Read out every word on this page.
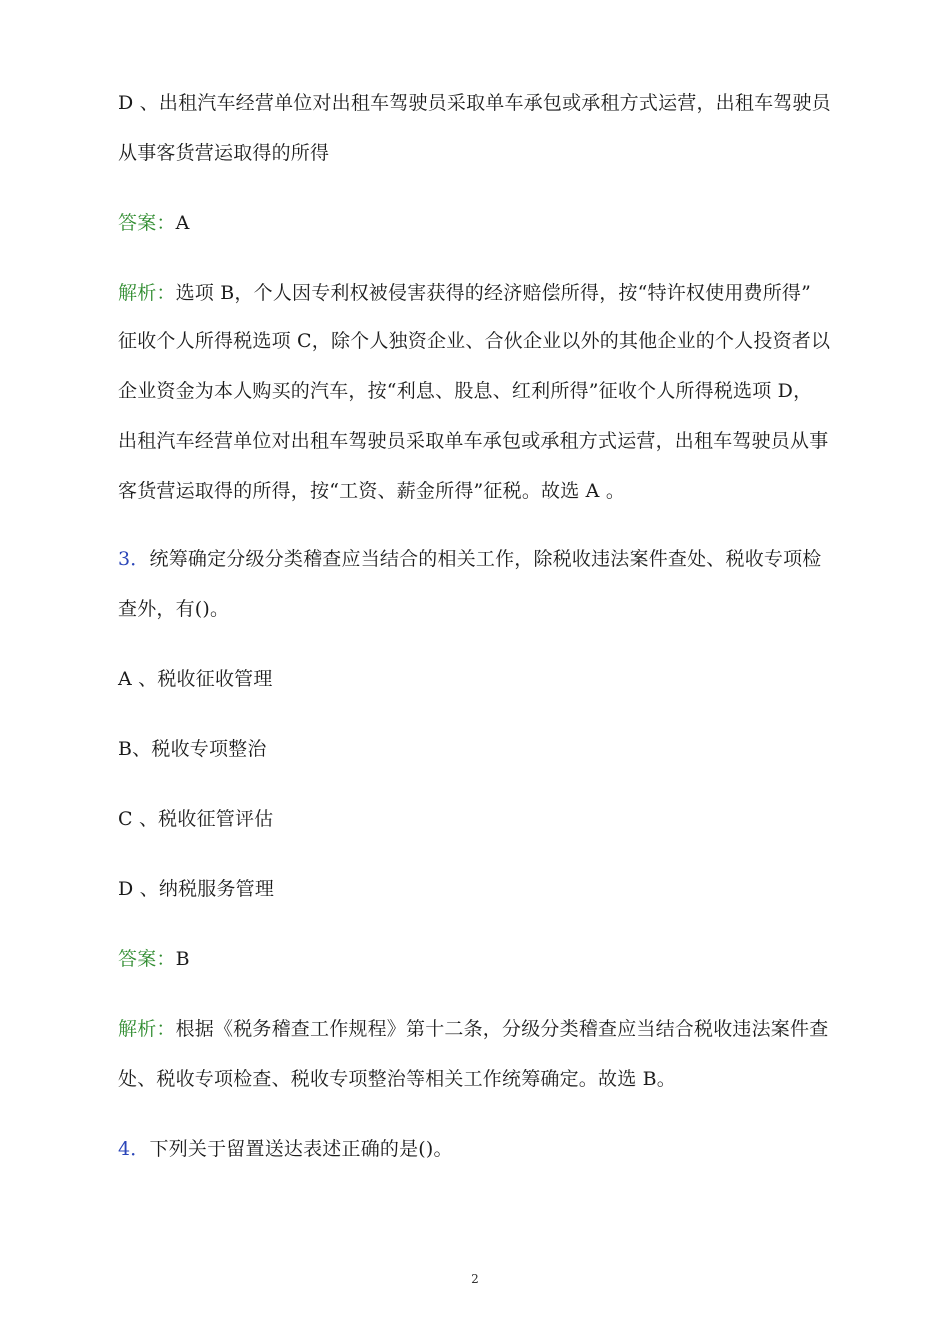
D 、出租汽车经营单位对出租车驾驶员采取单车承包或承租方式运营，出租车驾驶员
从事客货营运取得的所得
答案：A
解析：选项 B，个人因专利权被侵害获得的经济赔偿所得，按“特许权使用费所得”
征收个人所得税选项 C，除个人独资企业、合伙企业以外的其他企业的个人投资者以
企业资金为本人购买的汽车，按“利息、股息、红利所得”征收个人所得税选项 D，
出租汽车经营单位对出租车驾驶员采取单车承包或承租方式运营，出租车驾驶员从事
客货营运取得的所得，按“工资、薪金所得”征税。故选 A 。
3．统筹确定分级分类稽查应当结合的相关工作，除税收违法案件查处、税收专项检
查外，有()。
A 、税收征收管理
B、税收专项整治
C 、税收征管评估
D 、纳税服务管理
答案：B
解析：根据《税务稽查工作规程》第十二条，分级分类稽查应当结合税收违法案件查
处、税收专项检查、税收专项整治等相关工作统筹确定。故选 B。
4．下列关于留置送达表述正确的是()。
2
